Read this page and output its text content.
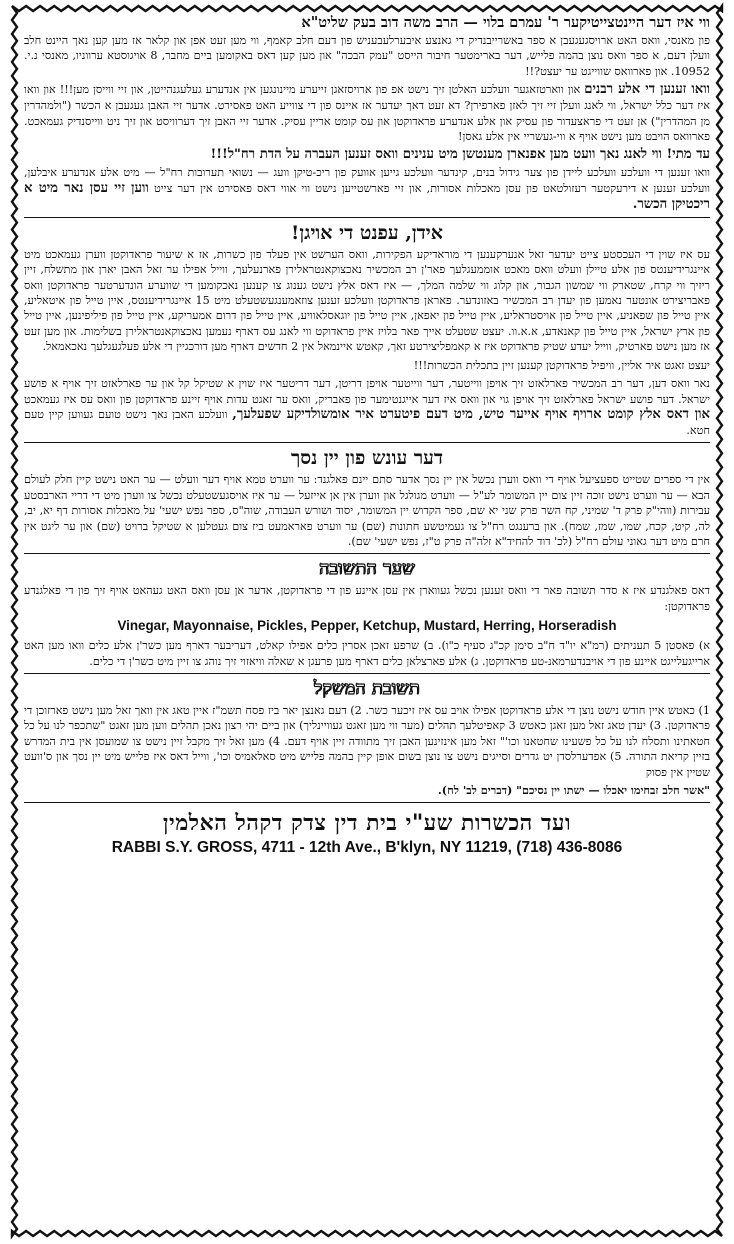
ווי איז דער היינטצייטיקער ר' עמרם בלוי — הרב משה דוב בעק שליט"א
פון מאנסי, וואס האט ארויסגעגעבן א ספר באשרייבנדיק די גאנצע איבערלעבעניש פון דעם חלב קאמף, ווי מען זעט אפן און קלאר אז מען קען נאך היינט חלב וועלן דעם, א ספר וואס נוצן בהמה פלייש, דער בארימטער חיבור הייסט "עמק הבכה" און מען קען דאס באקומען ביים מחבר, 8 אויגוסטא ערווניו, מאנסי נ.י. 10952. און פארוואס שווייגט ער יעצט?!!
וואו זענען די אלע רבנים און ווארטזאגער וועלכע האלטן זיך נישט אפ פון ארויסזאגן זייערע מיינונגען אין אנדערע געלעגנהייטן, און זיי ווייסן מען!!! און וואו איז דער כלל ישראל, ווי לאנג וועלן זיי זיך לאזן פארפירן? דא זעט דאך יעדער אז איינס פון די צווייע האט פאסירט. אדער זיי האבן געגעבן א הכשר ("ולמהדרין מן המהדרין") אן זעט די פראצעדור פון עסיק און אלע אנדערע פראדוקטן און עס קומט אריין עסיק. אדער זיי האבן זיך דערוויסט און זיך ניט ווייסנדיק געמאכט. פארוואס הויבט מען נישט אויף א ווי-געשריי אין אלע גאסן!
עד מתי! ווי לאנג נאך וועט מען אפנארן מענטשן מיט ענינים וואס זענען העברה על הדת רח"ל!!!
וואו זענען די וועלכע וועלכע ליידן פון צער גידול בנים, קינדער וועלכע גייען אוועק פון ריכ-טיקן וועג — נשואי תערובות רח"ל — מיט אלע אנדערע איבלען, וועלכע זענען א דירעקטער רעזולטאט פון עסן מאכלות אסורות, און זיי פארשטייען נישט ווי אווי דאס פאסירט אין דער צייט ווען זיי עסן נאר מיט א ריכטיקן הכשר.
אידן, עפנט די אויגן!
עס איז שוין די העכסטע צייט יעדער זאל אנערקענען די מוראדיקע הפקירות, וואס הערשט אין פעלד פון כשרות, אז א שיעור פראדוקטן ווערן געמאכט מיט איינגרידיענטס פון אלע טיילן וועלט וואס מאכט אוממעגלעך פאר'ן רב המכשיר נאכצוקאנטראלירן פארנעלעך, ווייל אפילו ער זאל האבן יארן און מתשלח, זיין ריזיך ווי קרח, שטארק ווי שמשון הגבור, און קלוג ווי שלמה המלך, — איז דאס אלץ נישט גענוג צו קענען נאכקומען די שווערע הונדערטער פראדוקטן וואס פאבריצירט אונטער נאמען פון יעדן רב המכשיר באזונדער. פאראן פראדוקטן וועלכע זענען צוזאמענגעשטעלט מיט 15 איינגרידיענטס, איין טייל פון איטאליע, איין טייל פון שפאניע, איין טייל פון אויסטראליע, איין טייל פון יאפאן, איין טייל פון יוגאסלאוויע, איין טייל פון דרום אמעריקע, איין טייל פון פיליפינען, איין טייל פון ארץ ישראל, איין טייל פון קאנאדע, א.א.וו. יעצט שטעלט אייך פאר בלויז איין פראדוקט ווי לאנג עס דארף נעמען נאכצוקאנטראלירן בשלימות. און מען זעט אז מען נישט פארטיק, ווייל יעדע שטיק פראדוקט איז א קאמפליצירטע זאך, קאטש איינמאל אין 2 חדשים דארף מען דורכגיין די אלע פעלגעגלעך נאכאמאל.
יעצט זאגט איר אליין, וויפיל פראדוקטן קענען זיין בתכלית הכשרות!!!
נאר וואס דען, דער רב המכשיר פארלאזט זיך אויפן ווייטער, דער ווייטער אויפן דריטן, דער דריטער איז שוין א שטיקל קל און ער פארלאזט זיך אויף א פושע ישראל. דער פושע ישראל פארלאזט זיך אויפן גוי און וואס איז דער אייגנטימער פון פאבריק, וואס ער זאגט עדות אויף זיינע פראדוקטן פון וואס עס איז געמאכט און דאס אלץ קומט ארויף אויף אייער טיש, מיט דעם פיטערט איר אומשולדיקע שפעלעך, וועלכע האבן נאך נישט טועם געווען קיין טעם חטא.
דער עונש פון יין נסך
אין די ספרים שטייט ספעציעל אויף די וואס ווערן נכשל אין יין נסך אדער סתם יינם פאלגנד: ער ווערט טמא אויף דער וועלט — ער האט נישט קיין חלק לעולם הבא — ער ווערט נישט זוכה זיין צום יין המשומר לע"ל — ווערט מגולגל און ווערן אין אן אייזעל — ער איז אויסגעשטעלט נכשל צו ווערן מיט די דריי הארבסטע עבירות (ווהי"ק פרק ד' שמיני, קח השר פרק שני יא שם, ספר הקדוש יין המשומר, יסוד ושורש העבודה, שוה"ס, ספר נפש ישעי' על מאכלות אסורות דף יא, יב, לה, קיט, קכח, שמו, שמז, שמח). און ברענגט רח"ל צו געמיטשע חתונות (שם) ער ווערט פאראמעט ביז צום געטלען א שטיקל ברויט (שם) און ער ליגט אין חרם מיט דער גאוני עולם רח"ל (לכ' דוד להחיד"א זלה"ה פרק ט"ז, נפש ישעי' שם).
שער התשובה
דאס פאלגנדע איז א סדר תשובה פאר די וואס זענען נכשל געווארן אין עסן איינע פון די פראדוקטן, אדער אן עסן וואס האט געהאט אויף זיך פון די פאלגנדע פראדוקטן:
Vinegar, Mayonnaise, Pickles, Pepper, Ketchup, Mustard, Herring, Horseradish
א) פאסטן 5 תעניתים (רמ"א יו"ד ח"ב סימן קכ"ג סעיף כ"ו). ב) שרפע זאכן אסרין כלים אפילו קאלט, דעריבער דארף מען כשר'ן אלע כלים וואו מען האט ארייגעלייגט איינע פון די אויבנדערמאנ-טע פראדוקטן. ג) אלע פארצלאן כלים דארף מען פרעגן א שאלה וויאזוי זיך נוהג צו זיין מיט כשר'ן די כלים.
תשובת המשקל
1) כאטש איין חודש נישט נוצן די אלע פראדוקטן אפילו אויב עס איז זיכער כשר. 2) דעם גאנצן יאר ביז פסח תשמ"ז איין טאג אין וואך זאל מען נישט פארזוכן די פראדוקטן. 3) יעדן טאג זאל מען זאגן כאטש 3 קאפיטלעך תהלים (מער ווי מען זאגט געוויינליך) און ביים יהי רצון נאכן תהלים ווען מען זאגט "שתכפר לנו על כל חטאתינו ותסלח לנו על כל פשעינו שחטאנו וכו'" זאל מען אינזינען האבן זיך מתוודה זיין אויף דעם. 4) מען זאל זיך מקבל זיין נישט צו שמועסן אין בית המדרש בזיין קריאת התורה. 5) אפדערלסדן יט גדרים וסייגים נישט צו נוצן בשום אופן קיין בהמה פלייש מיט סאלאמיס וכו', ווייל דאס איז פלייש מיט יין נסך און ס'וועט שטיין אין פסוק
"אשר חלב זבחימו יאכלו — ישתו יין נסיכם" (דברים לב' לח).
ועד הכשרות שע"י בית דין צדק דקהל האלמין
RABBI S.Y. GROSS, 4711 - 12th Ave., B'klyn, NY 11219, (718) 436-8086
